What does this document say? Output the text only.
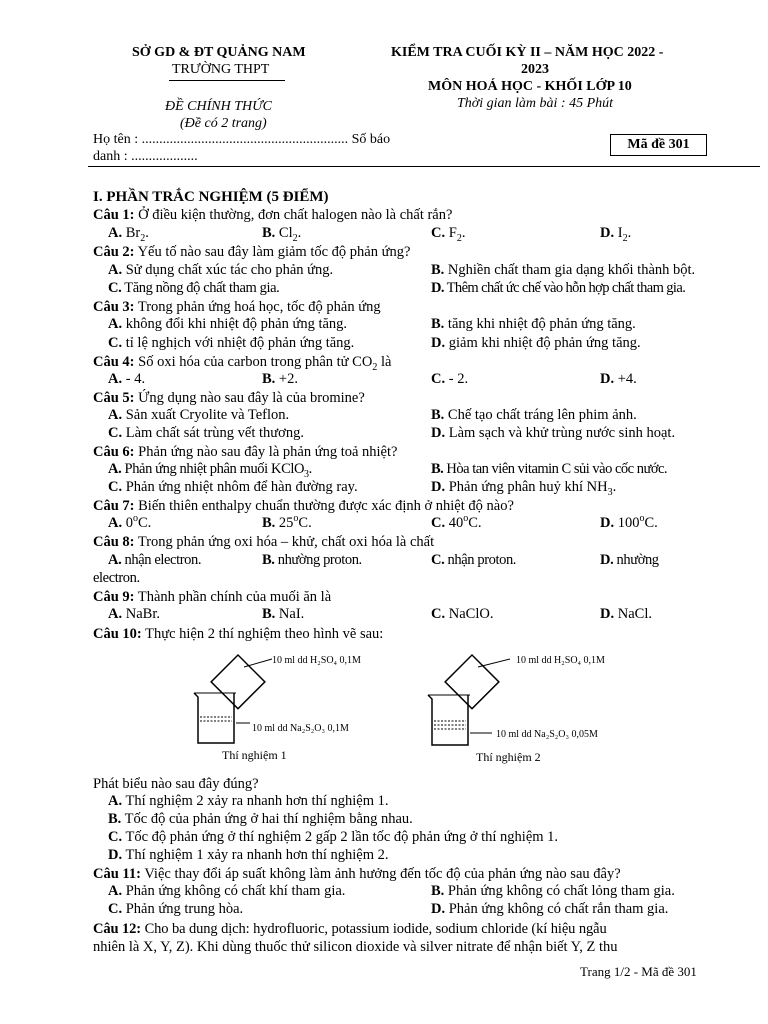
SỞ GD & ĐT QUẢNG NAM
TRƯỜNG THPT
ĐỀ CHÍNH THỨC
(Đề có 2 trang)
KIỂM TRA CUỐI KỲ II – NĂM HỌC 2022 -
2023
MÔN HOÁ HỌC - KHỐI LỚP 10
Thời gian làm bài : 45 Phút
Họ tên : ........................................................... Số báo
danh : ...................
Mã đề 301
I. PHẦN TRẮC NGHIỆM (5 ĐIỂM)
Câu 1: Ở điều kiện thường, đơn chất halogen nào là chất rắn?
A. $Br_2$.	B. $Cl_2$.	C. $F_2$.	D. $I_2$.
Câu 2: Yếu tố nào sau đây làm giảm tốc độ phản ứng?
A. Sử dụng chất xúc tác cho phản ứng.	B. Nghiền chất tham gia dạng khối thành bột.
C. Tăng nồng độ chất tham gia.	D. Thêm chất ức chế vào hỗn hợp chất tham gia.
Câu 3: Trong phản ứng hoá học, tốc độ phản ứng
A. không đổi khi nhiệt độ phản ứng tăng.	B. tăng khi nhiệt độ phản ứng tăng.
C. tỉ lệ nghịch với nhiệt độ phản ứng tăng.	D. giảm khi nhiệt độ phản ứng tăng.
Câu 4: Số oxi hóa của carbon trong phân tử $CO_2$ là
A. - 4.	B. +2.	C. - 2.	D. +4.
Câu 5: Ứng dụng nào sau đây là của bromine?
A. Sản xuất Cryolite và Teflon.	B. Chế tạo chất tráng lên phim ảnh.
C. Làm chất sát trùng vết thương.	D. Làm sạch và khử trùng nước sinh hoạt.
Câu 6: Phản ứng nào sau đây là phản ứng toả nhiệt?
A. Phản ứng nhiệt phân muối KClO$_3$.	B. Hòa tan viên vitamin C sủi vào cốc nước.
C. Phản ứng nhiệt nhôm để hàn đường ray.	D. Phản ứng phân huỷ khí $NH_3$.
Câu 7: Biến thiên enthalpy chuẩn thường được xác định ở nhiệt độ nào?
A. 0$^o$C.	B. 25$^o$C.	C. 40$^o$C.	D. 100$^o$C.
Câu 8: Trong phản ứng oxi hóa – khử, chất oxi hóa là chất
A. nhận electron.	B. nhường proton.	C. nhận proton.	D. nhường
electron.
Câu 9: Thành phần chính của muối ăn là
A. NaBr.	B. NaI.	C. NaClO.	D. NaCl.
Câu 10: Thực hiện 2 thí nghiệm theo hình vẽ sau:
10 ml dd H₂SO₄ 0,1M
10 ml dd Na₂S₂O₃ 0,1M
Thí nghiệm 1
10 ml dd H₂SO₄ 0,1M
10 ml dd Na₂S₂O₃ 0,05M
Thí nghiệm 2
Phát biểu nào sau đây đúng?
A. Thí nghiệm 2 xảy ra nhanh hơn thí nghiệm 1.
B. Tốc độ của phản ứng ở hai thí nghiệm bằng nhau.
C. Tốc độ phản ứng ở thí nghiệm 2 gấp 2 lần tốc độ phản ứng ở thí nghiệm 1.
D. Thí nghiệm 1 xảy ra nhanh hơn thí nghiệm 2.
Câu 11: Việc thay đổi áp suất không làm ảnh hưởng đến tốc độ của phản ứng nào sau đây?
A. Phản ứng không có chất khí tham gia.	B. Phản ứng không có chất lỏng tham gia.
C. Phản ứng trung hòa.	D. Phản ứng không có chất rắn tham gia.
Câu 12: Cho ba dung dịch: hydrofluoric, potassium iodide, sodium chloride (kí hiệu ngẫu
nhiên là X, Y, Z). Khi dùng thuốc thử silicon dioxide và silver nitrate để nhận biết Y, Z thu
Trang 1/2 - Mã đề 301
